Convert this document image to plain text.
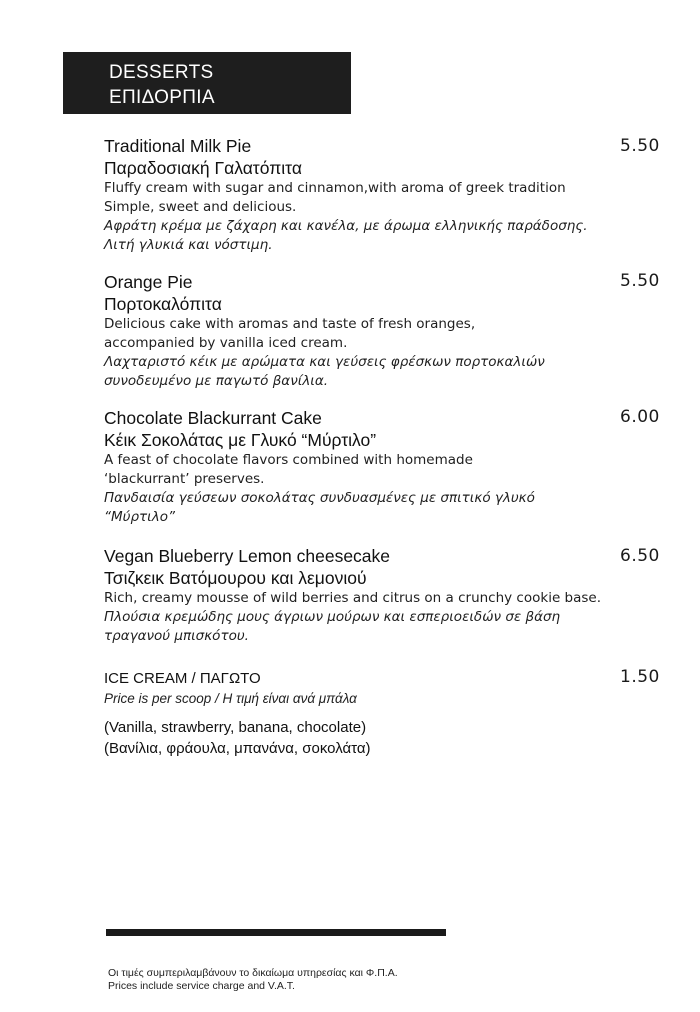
DESSERTS
ΕΠΙΔΟΡΠΙΑ
Traditional Milk Pie
Παραδοσιακή Γαλατόπιτα
Fluffy cream with sugar and cinnamon,with aroma of greek tradition
Simple, sweet and delicious.
Αφράτη κρέμα με ζάχαρη και κανέλα, με άρωμα ελληνικής παράδοσης.
Λιτή γλυκιά και νόστιμη.
5.50
Orange Pie
Πορτοκαλόπιτα
Delicious cake with aromas and taste of fresh oranges,
accompanied by vanilla iced cream.
Λαχταριστό κέικ με αρώματα και γεύσεις φρέσκων πορτοκαλιών
συνοδευμένο με παγωτό βανίλια.
5.50
Chocolate Blackurrant Cake
Κέικ Σοκολάτας με Γλυκό “Μύρτιλο”
A feast of chocolate flavors combined with homemade
‘blackurrant’ preserves.
Πανδαισία γεύσεων σοκολάτας συνδυασμένες με σπιτικό γλυκό
“Μύρτιλο”
6.00
Vegan Blueberry Lemon cheesecake
Τσιζκεικ Βατόμουρου και λεμονιού
Rich, creamy mousse of wild berries and citrus on a crunchy cookie base.
Πλούσια κρεμώδης μους άγριων μούρων και εσπεριοειδών σε βάση
τραγανού μπισκότου.
6.50
ICE CREAM / ΠΑΓΩΤΟ
Price is per scoop / Η τιμή είναι ανά μπάλα
(Vanilla, strawberry, banana, chocolate)
(Βανίλια, φράουλα, μπανάνα, σοκολάτα)
1.50
Οι τιμές συμπεριλαμβάνουν το δικαίωμα υπηρεσίας και Φ.Π.Α.
Prices include service charge and V.A.T.
